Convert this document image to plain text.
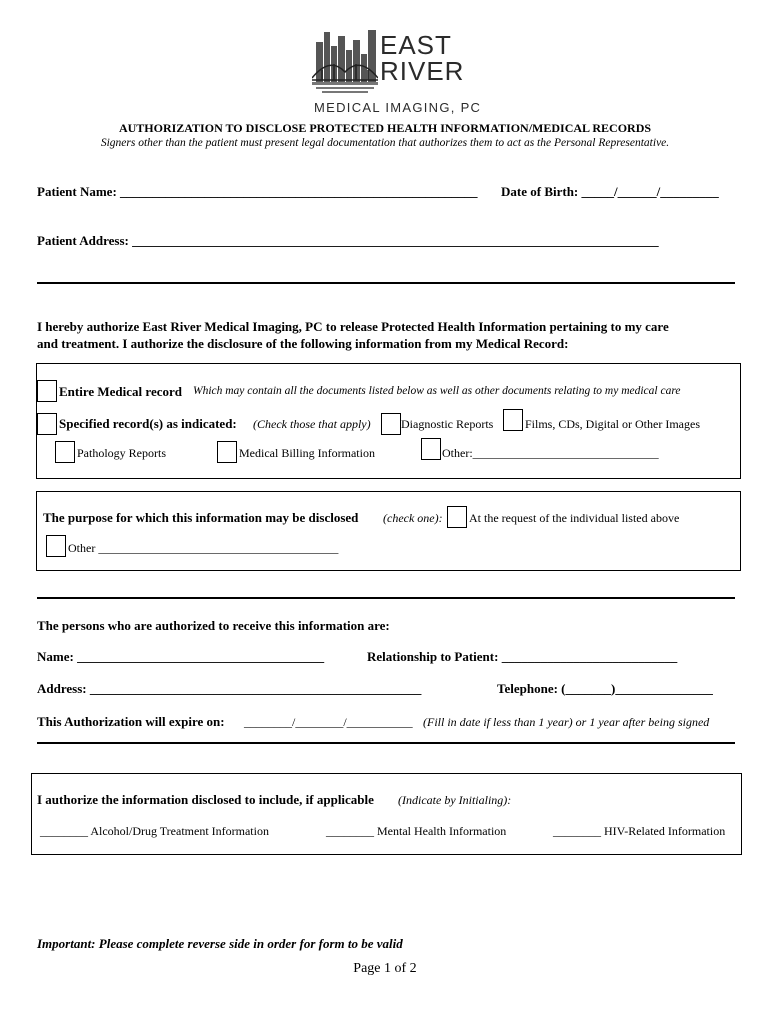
EAST
RIVER
MEDICAL IMAGING, PC
AUTHORIZATION TO DISCLOSE PROTECTED HEALTH INFORMATION/MEDICAL RECORDS
Signers other than the patient must present legal documentation that authorizes them to act as the Personal Representative.
Patient Name: _______________________________________________________ Date of Birth: _____/______/_________
Patient Address: _________________________________________________________________________________
I hereby authorize East River Medical Imaging, PC to release Protected Health Information pertaining to my care
and treatment. I authorize the disclosure of the following information from my Medical Record:
Entire Medical record Which may contain all the documents listed below as well as other documents relating to my medical care
Specified record(s) as indicated: (Check those that apply)	Diagnostic Reports	Films, CDs, Digital or Other Images
Pathology Reports	Medical Billing Information	Other:_______________________________
The purpose for which this information may be disclosed (check one): At the request of the individual listed above
Other ________________________________________
The persons who are authorized to receive this information are:
Name: ______________________________________	Relationship to Patient: ___________________________
Address: ___________________________________________________	Telephone: (_______)_______________
This Authorization will expire on: ________/________/___________ (Fill in date if less than 1 year) or 1 year after being signed
I authorize the information disclosed to include, if applicable (Indicate by Initialing):
________ Alcohol/Drug Treatment Information	________ Mental Health Information	________ HIV-Related Information
Important: Please complete reverse side in order for form to be valid
Page 1 of 2
